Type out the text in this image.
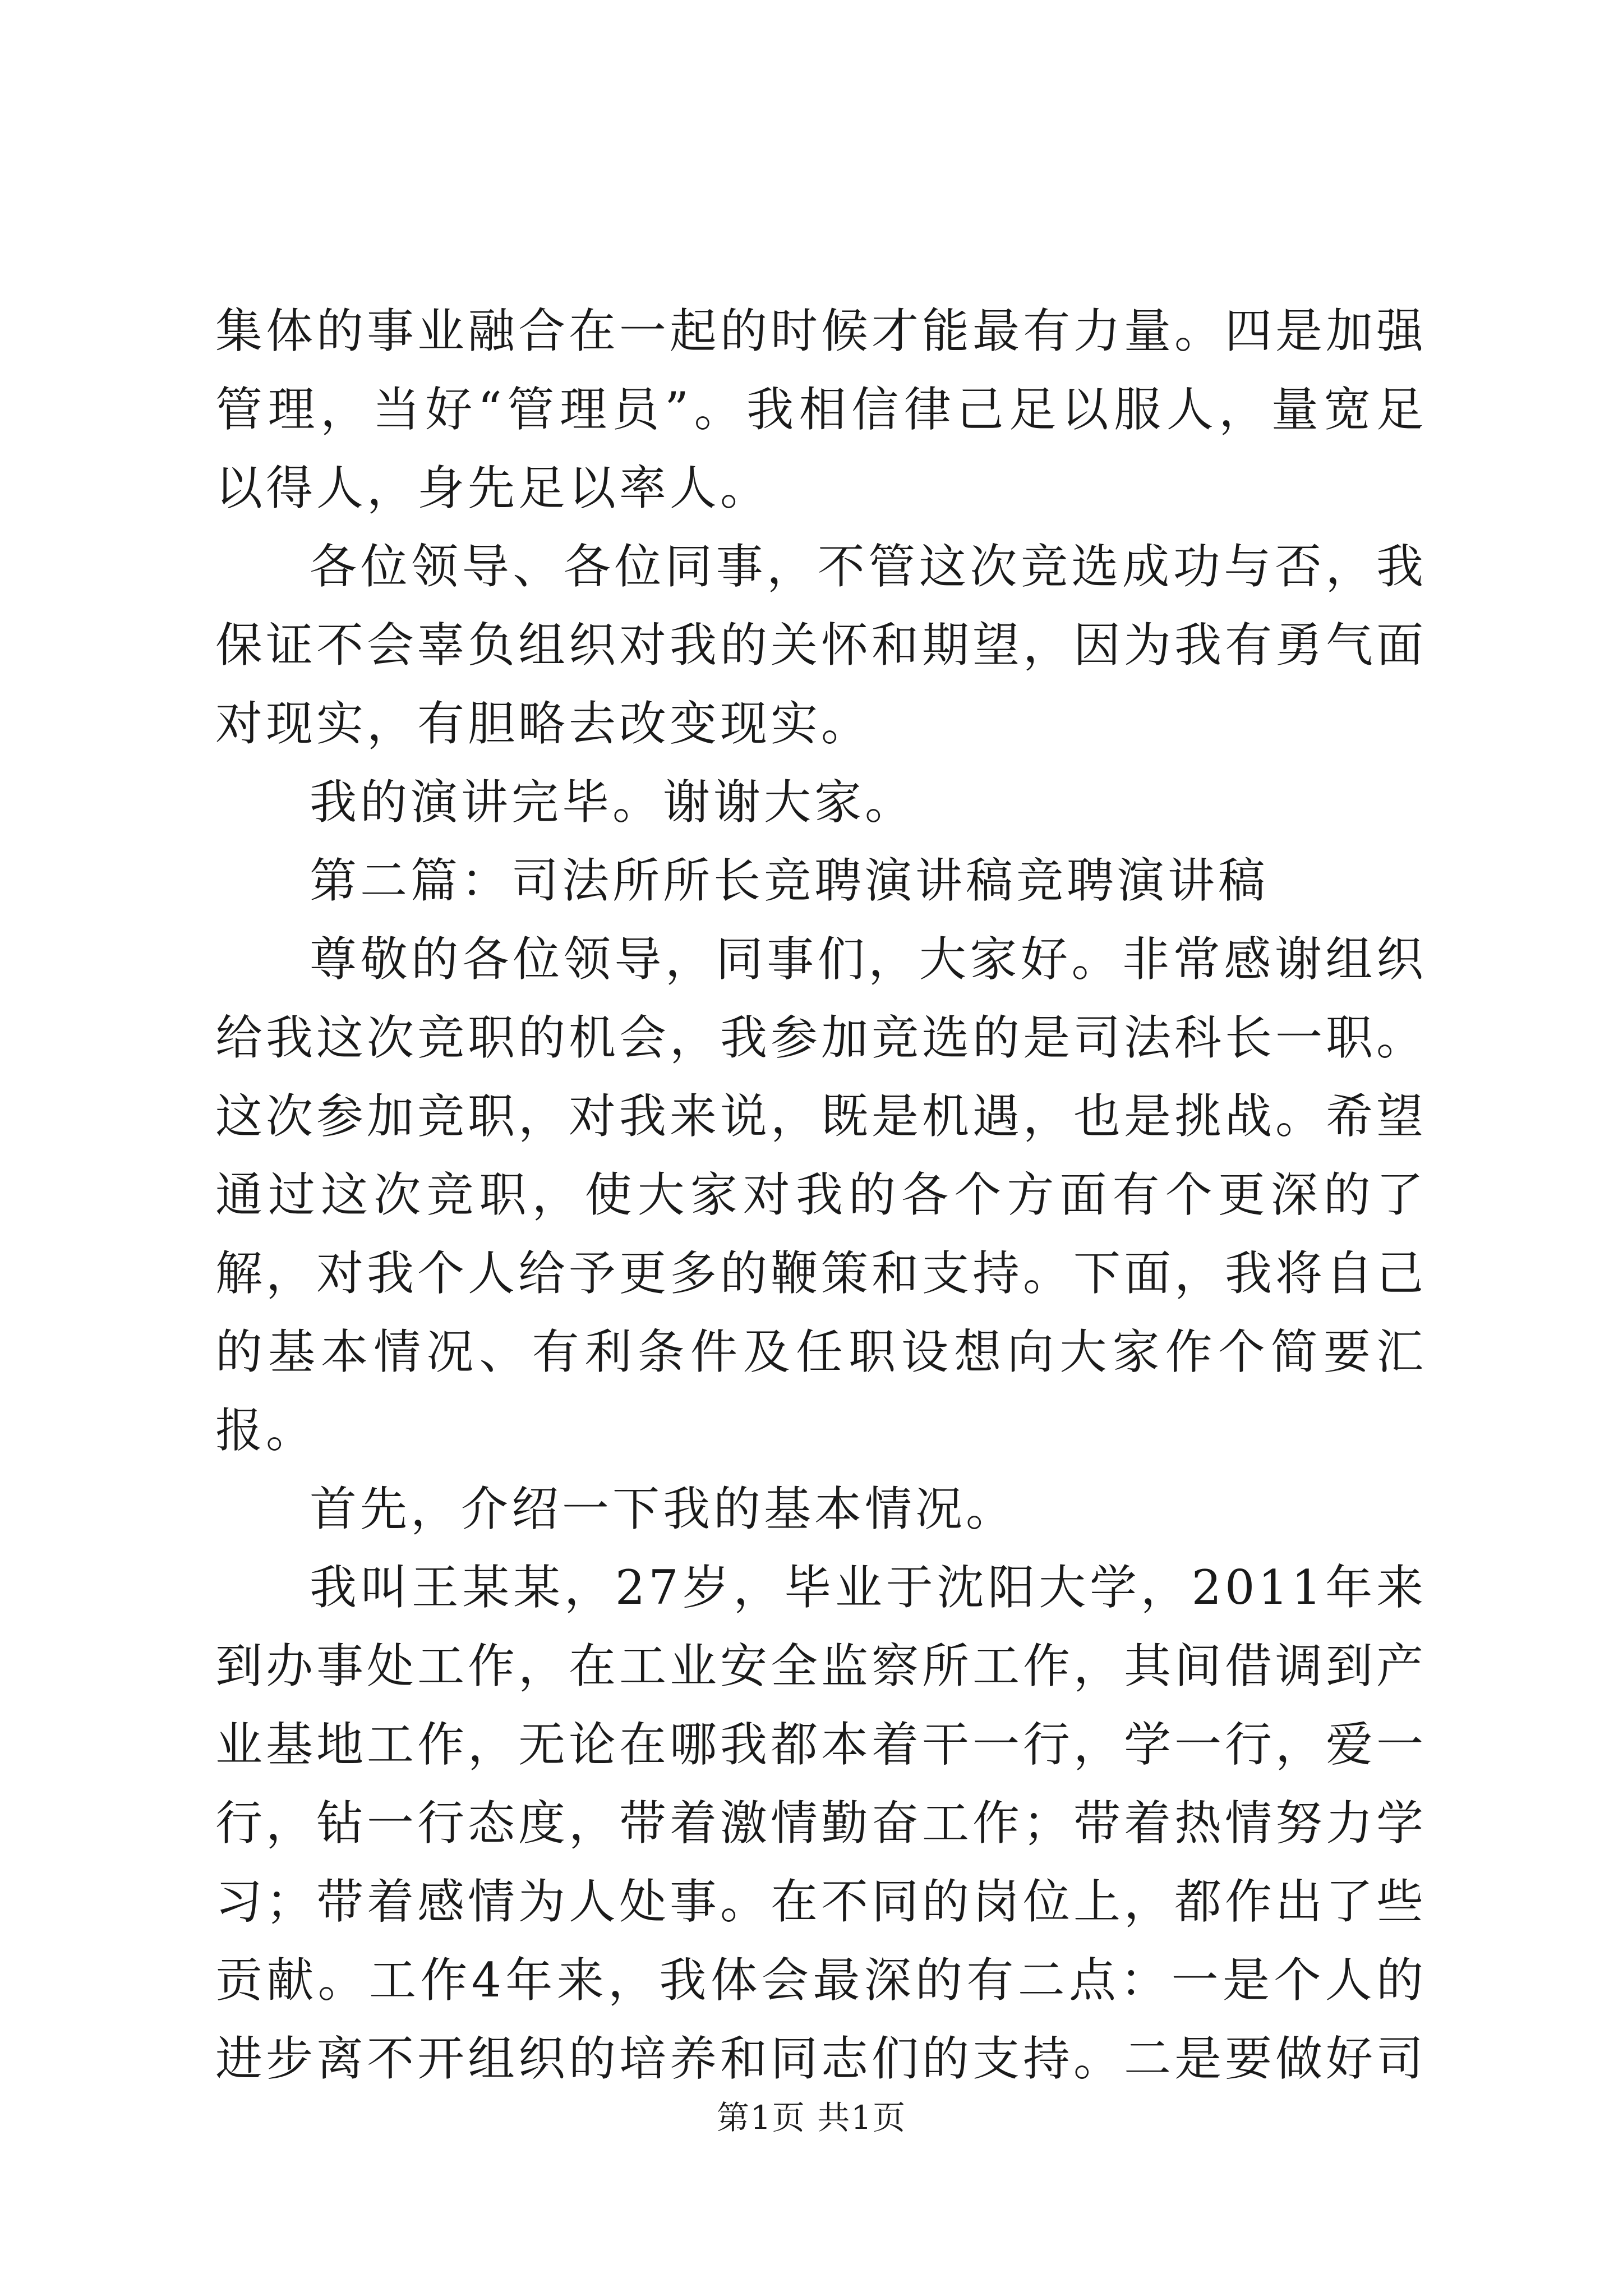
集体的事业融合在一起的时候才能最有力量。四是加强管理，当好“管理员”。我相信律己足以服人，量宽足以得人，身先足以率人。

各位领导、各位同事，不管这次竞选成功与否，我保证不会辜负组织对我的关怀和期望，因为我有勇气面对现实，有胆略去改变现实。

我的演讲完毕。谢谢大家。

第二篇：司法所所长竞聘演讲稿竞聘演讲稿

尊敬的各位领导，同事们，大家好。非常感谢组织给我这次竞职的机会，我参加竞选的是司法科长一职。这次参加竞职，对我来说，既是机遇，也是挑战。希望通过这次竞职，使大家对我的各个方面有个更深的了解，对我个人给予更多的鞭策和支持。下面，我将自己的基本情况、有利条件及任职设想向大家作个简要汇报。

首先，介绍一下我的基本情况。

我叫王某某，27岁，毕业于沈阳大学，2011年来到办事处工作，在工业安全监察所工作，其间借调到产业基地工作，无论在哪我都本着干一行，学一行，爱一行，钻一行态度，带着激情勤奋工作；带着热情努力学习；带着感情为人处事。在不同的岗位上，都作出了些贡献。工作4年来，我体会最深的有二点：一是个人的进步离不开组织的培养和同志们的支持。二是要做好司

第1页 共1页
